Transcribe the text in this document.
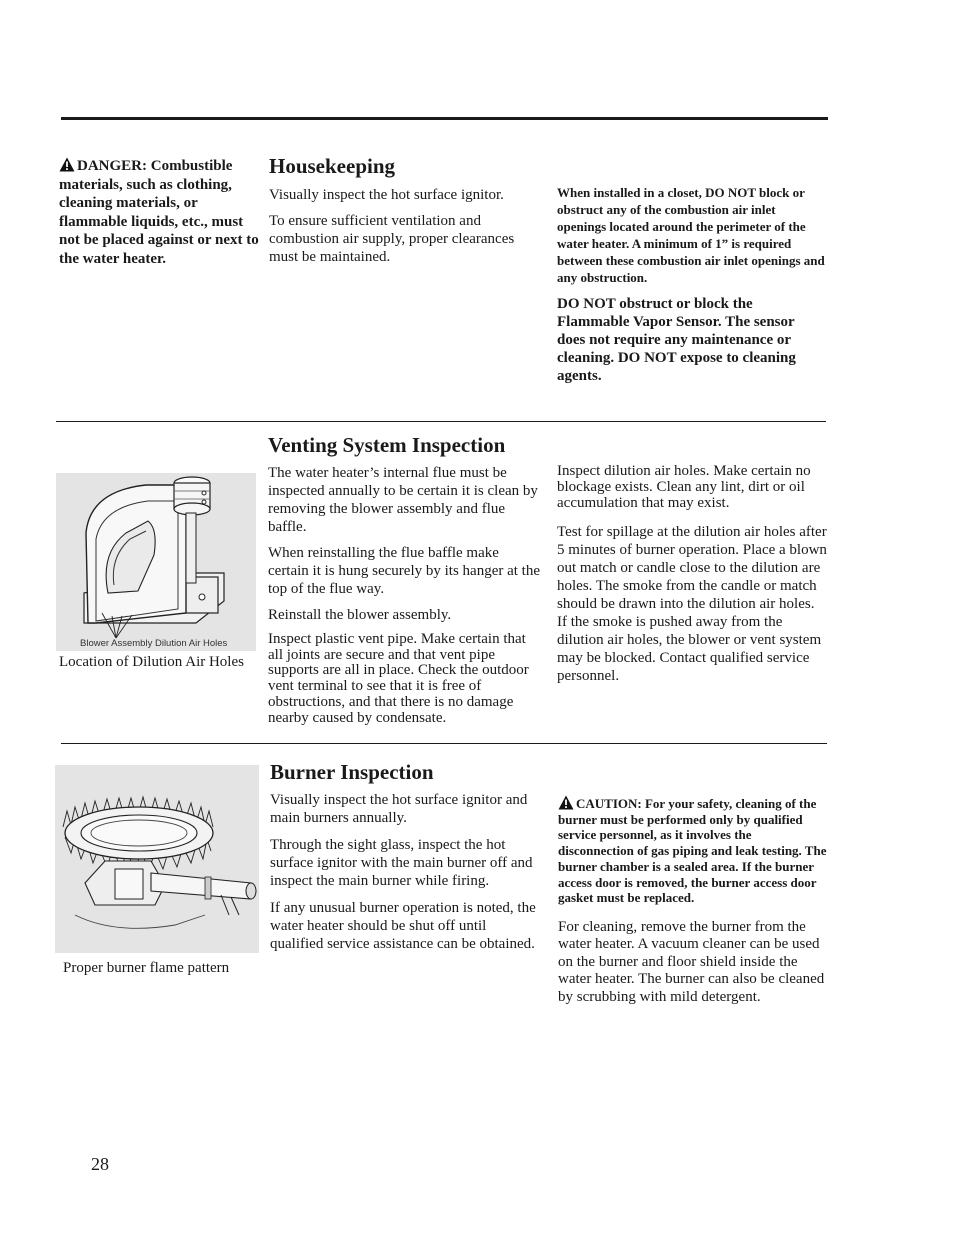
DANGER: Combustible materials, such as clothing, cleaning materials, or flammable liquids, etc., must not be placed against or next to the water heater.

Housekeeping

Visually inspect the hot surface ignitor.

To ensure sufficient ventilation and combustion air supply, proper clearances must be maintained.

When installed in a closet, DO NOT block or obstruct any of the combustion air inlet openings located around the perimeter of the water heater. A minimum of 1” is required between these combustion air inlet openings and any obstruction.

DO NOT obstruct or block the Flammable Vapor Sensor. The sensor does not require any maintenance or cleaning. DO NOT expose to cleaning agents.

Venting System Inspection
Blower Assembly Dilution Air Holes
Location of Dilution Air Holes

The water heater’s internal flue must be inspected annually to be certain it is clean by removing the blower assembly and flue baffle.

When reinstalling the flue baffle make certain it is hung securely by its hanger at the top of the flue way.

Reinstall the blower assembly.

Inspect plastic vent pipe. Make certain that all joints are secure and that vent pipe supports are all in place. Check the outdoor vent terminal to see that it is free of obstructions, and that there is no damage nearby caused by condensate.

Inspect dilution air holes. Make certain no blockage exists. Clean any lint, dirt or oil accumulation that may exist.

Test for spillage at the dilution air holes after 5 minutes of burner operation. Place a blown out match or candle close to the dilution are holes. The smoke from the candle or match should be drawn into the dilution air holes. If the smoke is pushed away from the dilution air holes, the blower or vent system may be blocked. Contact qualified service personnel.

Proper burner flame pattern
Burner Inspection

Visually inspect the hot surface ignitor and main burners annually.

Through the sight glass, inspect the hot surface ignitor with the main burner off and inspect the main burner while firing.

If any unusual burner operation is noted, the water heater should be shut off until qualified service assistance can be obtained.

CAUTION: For your safety, cleaning of the burner must be performed only by qualified service personnel, as it involves the disconnection of gas piping and leak testing. The burner chamber is a sealed area. If the burner access door is removed, the burner access door gasket must be replaced.

For cleaning, remove the burner from the water heater. A vacuum cleaner can be used on the burner and floor shield inside the water heater. The burner can also be cleaned by scrubbing with mild detergent.

28
